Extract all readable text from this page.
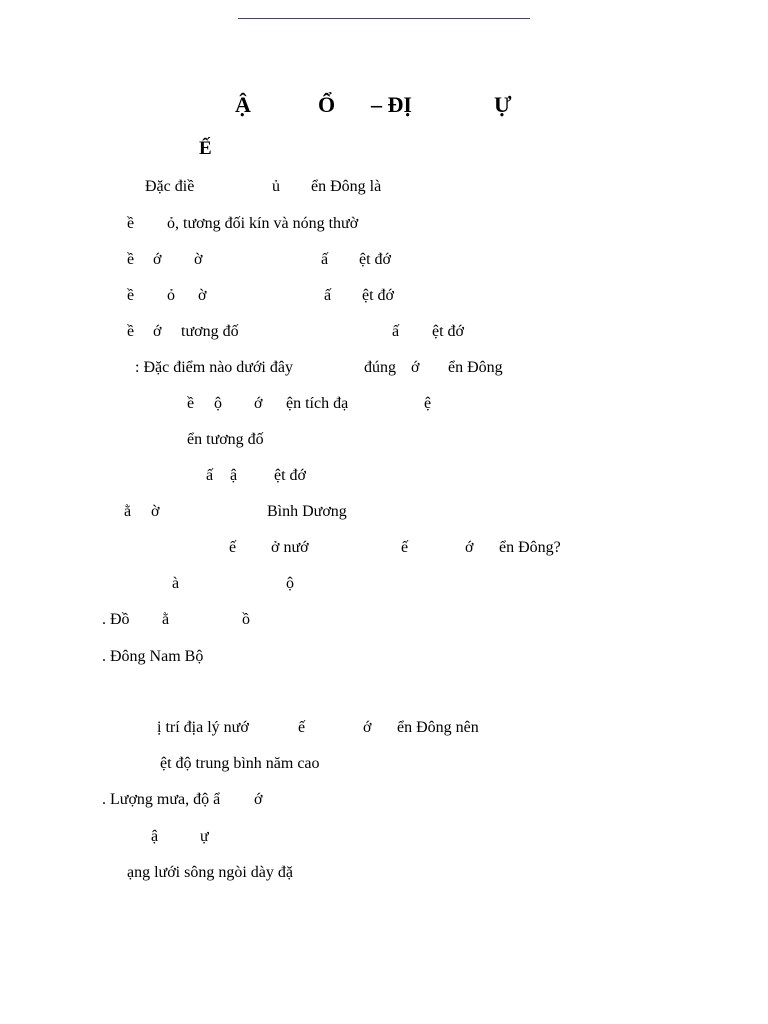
Ậ	Ổ – ĐỊ	Ự
Ế

Đặc điề

	ủ

ển Đông là

ề

ỏ, tương đối kín và nóng thườ

ề

ớ

ờ

	ấ

ệt đớ

ề

ỏ

ờ

	ấ

ệt đớ

ề

ớ

tương đố

	ấ

ệt đớ

: Đặc điểm nào dưới đây

	đúng

ớ

ển Đông

ề

ộ

ớ

ện tích đạ

	ệ

ển tương đố

ấ

ậ

ệt đớ

ằ

ờ

	Bình Dương

ế

ở nướ

	ế

	ớ

ển Đông?

à

	ộ

. Đồ

ằ

	ồ

. Đông Nam Bộ

ị trí địa lý nướ

	ế

	ớ

ển Đông nên

ệt độ trung bình năm cao

. Lượng mưa, độ ẩ

ớ

ậ

	ự

ạng lưới sông ngòi dày đặ
